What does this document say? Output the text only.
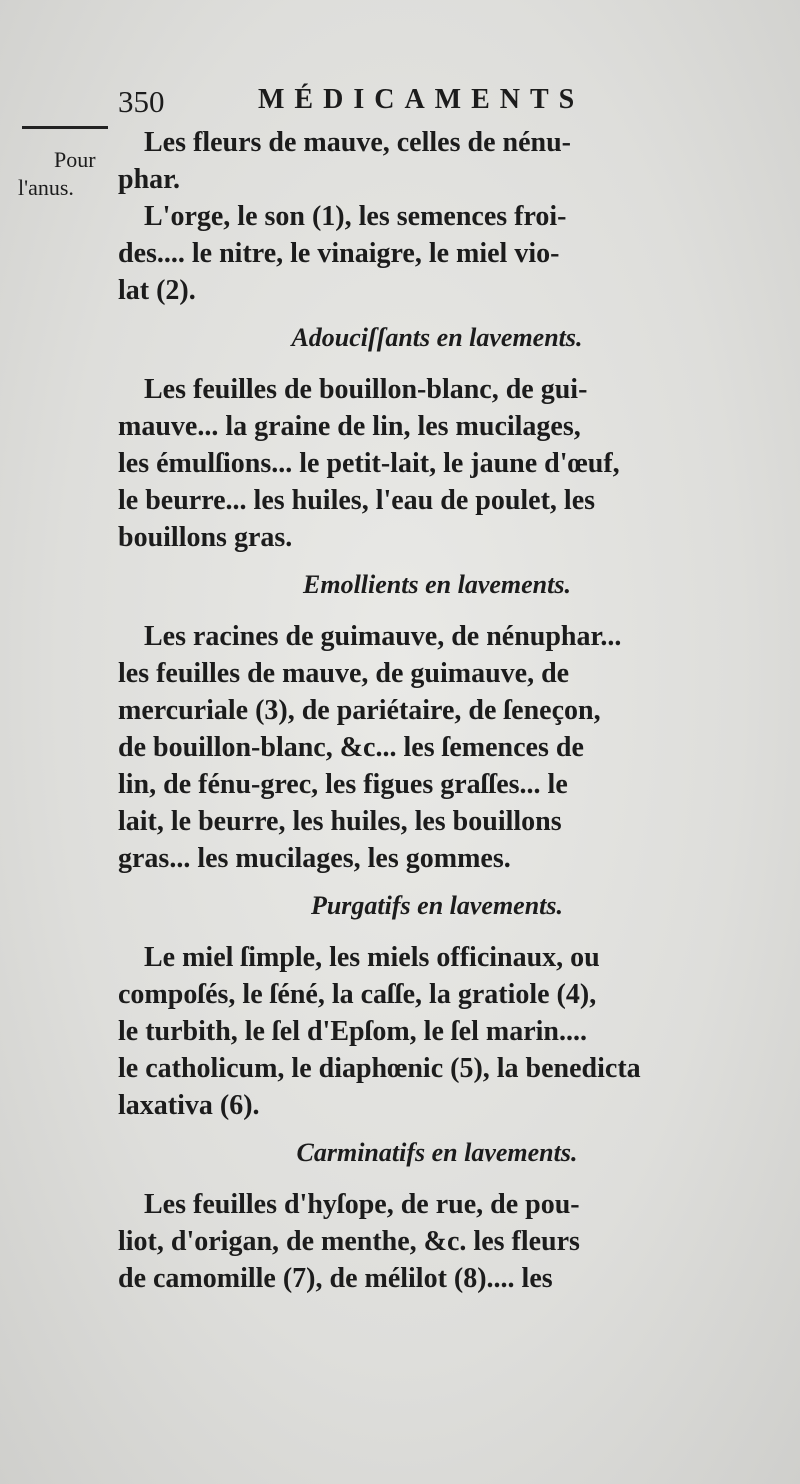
350	MÉDICAMENTS
Pour
l'anus.

Les fleurs de mauve, celles de nénu-
phar.
L'orge, le son (1), les semences froi-
des.... le nitre, le vinaigre, le miel vio-
lat (2).

Adouciſſants en lavements.

Les feuilles de bouillon-blanc, de gui-
mauve... la graine de lin, les mucilages,
les émulſions... le petit-lait, le jaune d'œuf,
le beurre... les huiles, l'eau de poulet, les
bouillons gras.

Emollients en lavements.

Les racines de guimauve, de nénuphar...
les feuilles de mauve, de guimauve, de
mercuriale (3), de pariétaire, de ſeneçon,
de bouillon-blanc, &c... les ſemences de
lin, de fénu-grec, les figues graſſes... le
lait, le beurre, les huiles, les bouillons
gras... les mucilages, les gommes.

Purgatifs en lavements.

Le miel ſimple, les miels officinaux, ou
compoſés, le ſéné, la caſſe, la gratiole (4),
le turbith, le ſel d'Epſom, le ſel marin....
le catholicum, le diaphœnic (5), la benedicta
laxativa (6).

Carminatifs en lavements.

Les feuilles d'hyſope, de rue, de pou-
liot, d'origan, de menthe, &c. les fleurs
de camomille (7), de mélilot (8).... les
